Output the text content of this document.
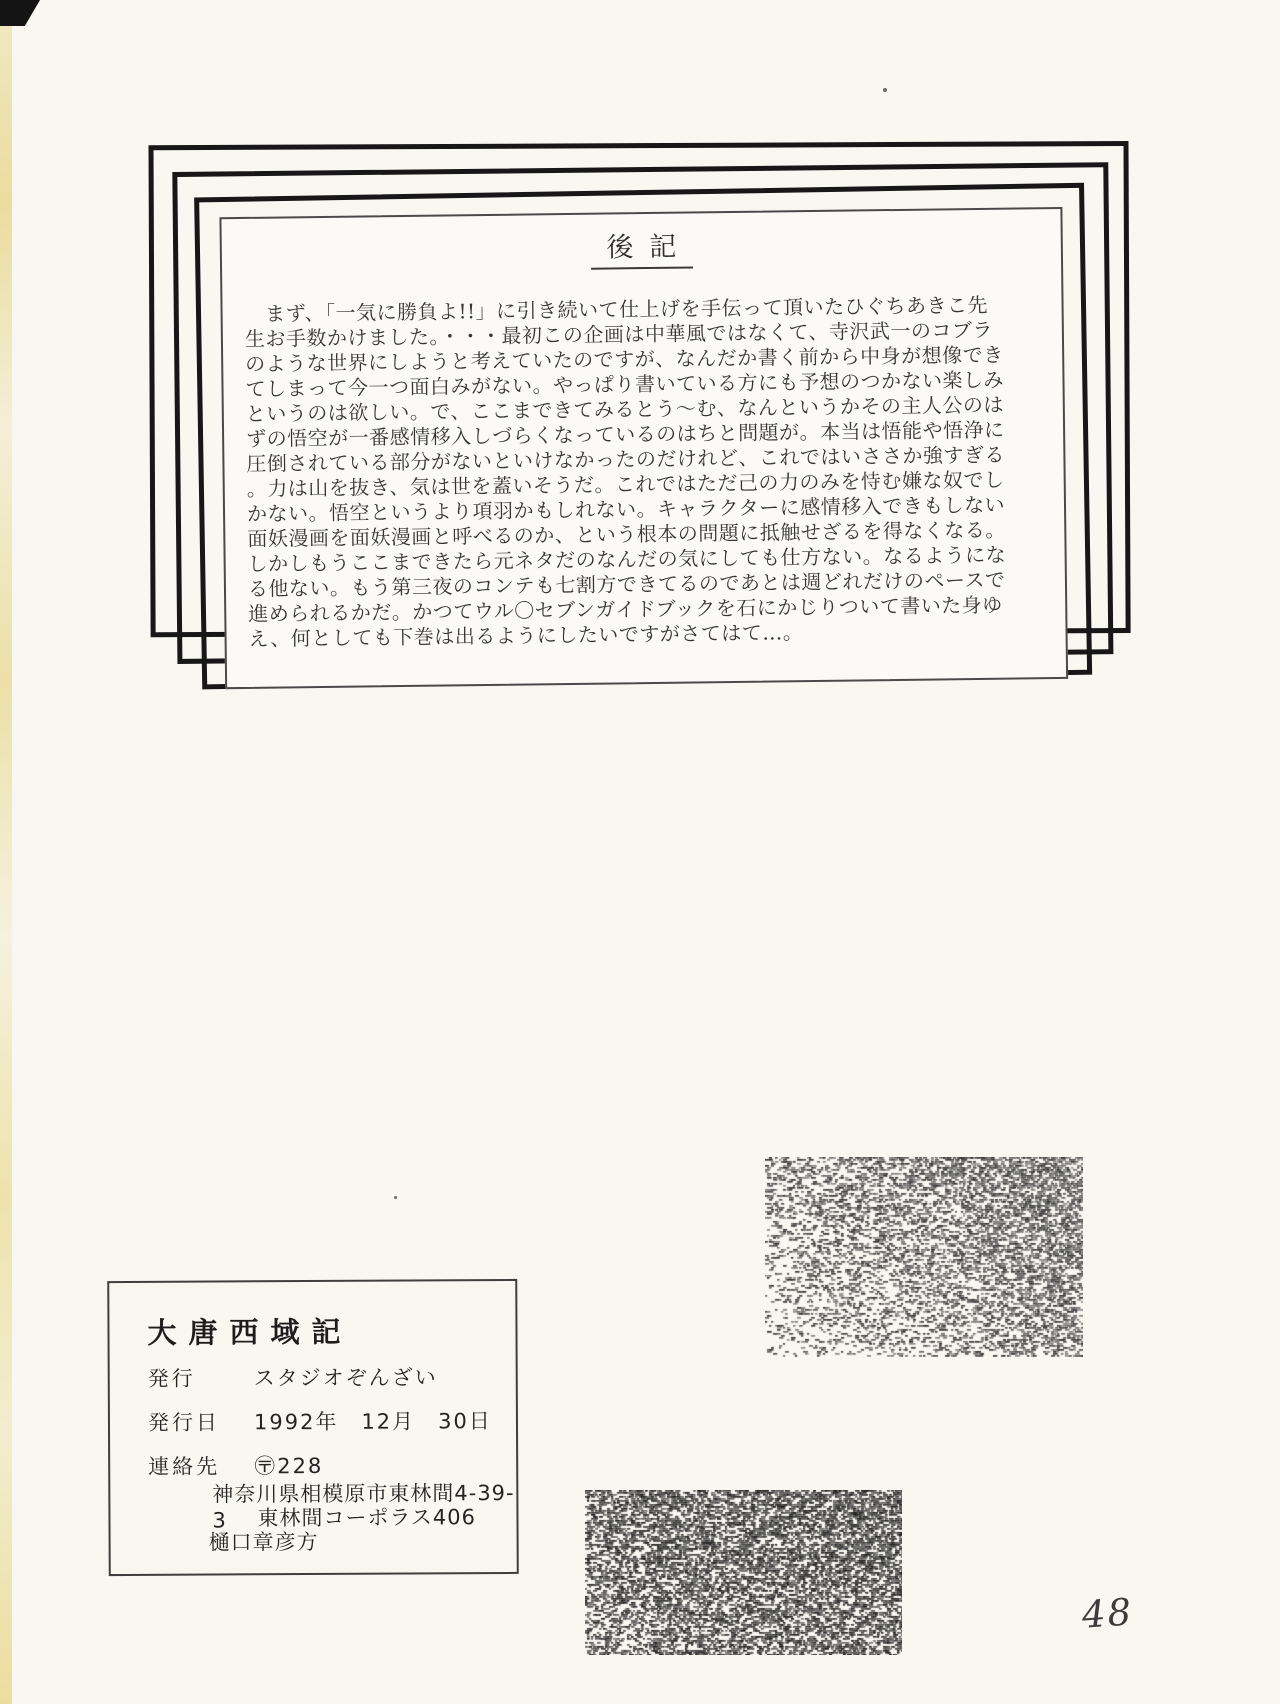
後記
　まず、「一気に勝負よ!!」に引き続いて仕上げを手伝って頂いたひぐちあきこ先
生お手数かけました。・・・最初この企画は中華風ではなくて、寺沢武一のコブラ
のような世界にしようと考えていたのですが、なんだか書く前から中身が想像でき
てしまって今一つ面白みがない。やっぱり書いている方にも予想のつかない楽しみ
というのは欲しい。で、ここまできてみるとう〜む、なんというかその主人公のは
ずの悟空が一番感情移入しづらくなっているのはちと問題が。本当は悟能や悟浄に
圧倒されている部分がないといけなかったのだけれど、これではいささか強すぎる
。力は山を抜き、気は世を蓋いそうだ。これではただ己の力のみを恃む嫌な奴でし
かない。悟空というより項羽かもしれない。キャラクターに感情移入できもしない
面妖漫画を面妖漫画と呼べるのか、という根本の問題に抵触せざるを得なくなる。
しかしもうここまできたら元ネタだのなんだの気にしても仕方ない。なるようにな
る他ない。もう第三夜のコンテも七割方できてるのであとは週どれだけのペースで
進められるかだ。かつてウル〇セブンガイドブックを石にかじりついて書いた身ゆ
え、何としても下巻は出るようにしたいですがさてはて…。
大唐西域記
発行	スタジオぞんざい
発行日	1992年　12月　30日
連絡先	〶228
神奈川県相模原市東林間4-39-3	東林間コーポラス406
樋口章彦方
48
